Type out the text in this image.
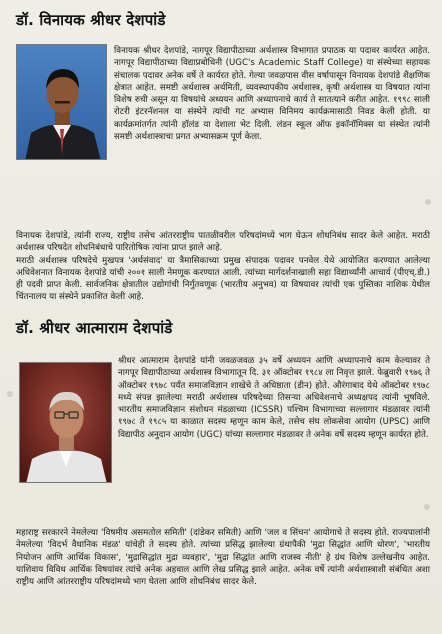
डॉ. विनायक श्रीधर देशपांडे

विनायक श्रीधर देशपांडे, नागपूर विद्यापीठाच्या अर्थशास्त्र विभागात प्रपाठक या पदावर कार्यरत आहेत. नागपूर विद्यापीठाच्या विद्याप्रबोधिनी (UGC's Academic Staff College) या संस्थेच्या सहायक संचालक पदावर अनेक वर्षे ते कार्यरत होते. गेल्या जवळपास वीस वर्षापासून विनायक देशपांडे शैक्षणिक क्षेत्रात आहेत. समष्टी अर्थशास्त्र अर्थमिती, व्यवस्थापकीय अर्थशास्त्र, कृषी अर्थशास्त्र या विषयात त्यांना विशेष रुची असून या विषयांचे अध्ययन आणि अध्यापनाचे कार्य ते सातत्याने करीत आहेत. १९९८ साली रोटरी इंटरनॅशनल या संस्थेने त्यांची गट अभ्यास विनिमय कार्यक्रमासाठी निवड केली होती. या कार्यक्रमांतर्गत त्यांनी हॉलंड या देशाला भेट दिली. लंडन स्कूल ऑफ इकॉनॉमिक्स या संस्थेत त्यांनी समष्टी अर्थशास्त्राचा प्रगत अभ्यासक्रम पूर्ण केला.

विनायक देशपांडे, त्यांनी राज्य, राष्ट्रीय तसेच आंतरराष्ट्रीय पातळीवरील परिषदांमध्ये भाग घेऊन शोधनिबंध सादर केले आहेत. मराठी अर्थशास्त्र परिषदेत शोधनिबंधाचे पारितोषिक त्यांना प्राप्त झाले आहे.

मराठी अर्थशास्त्र परिषदेचे मुखपत्र 'अर्थसंवाद' या त्रैमासिकाच्या प्रमुख संपादक पदावर पनवेल येथे आयोजित करण्यात आलेल्या अधिवेशनात विनायक देशपांडे यांची २००१ साली नेमणूक करण्यात आली. त्यांच्या मार्गदर्शनाखाली सहा विद्यार्थ्यांनी आचार्य (पीएच्.डी.) ही पदवी प्राप्त केली. सार्वजनिक क्षेत्रातील उद्योगांची निर्गुंतवणूक (भारतीय अनुभव) या विषयावर त्यांची एक पुस्तिका नाशिक येथील चिंतनालय या संस्थेने प्रकाशित केली आहे.

डॉ. श्रीधर आत्माराम देशपांडे

श्रीधर आत्माराम देशपांडे यांनी जवळजवळ ३५ वर्षे अध्ययन आणि अध्यापनाचे काम केल्यावर ते नागपूर विद्यापीठाच्या अर्थशास्त्र विभागातून दि. ३१ ऑक्टोबर १९८४ ला निवृत्त झाले. फेब्रुवारी १९७६ ते ऑक्टोबर १९७८ पर्यंत समाजविज्ञान शाखेचे ते अधिष्ठाता (डीन) होते. औरंगाबाद येथे ऑक्टोबर १९७८ मध्ये संपन्न झालेल्या मराठी अर्थशास्त्र परिषदेच्या तिसऱ्या अधिवेशनाचे अध्यक्षपद त्यांनी भूषविले. भारतीय समाजविज्ञान संशोधन मंडळाच्या (ICSSR) पश्चिम विभागाच्या सल्लागार मंडळावर त्यांनी १९७८ ते १९८५ या काळात सदस्य म्हणून काम केले, तसेच संघ लोकसेवा आयोग (UPSC) आणि विद्यापीठ अनुदान आयोग (UGC) यांच्या सल्लागार मंडळावर ते अनेक वर्षे सदस्य म्हणून कार्यरत होते.

महाराष्ट्र सरकारने नेमलेल्या 'विषमीय असमतोल समिती' (दांडेकर समिती) आणि 'जल व सिंचन' आयोगाचे ते सदस्य होते. राज्यपालांनी नेमलेल्या 'विदर्भ वैधानिक मंडळ' यांचेही ते सदस्य होते. त्यांच्या प्रसिद्ध झालेल्या ग्रंथापैकी 'मुद्रा सिद्धांत आणि धोरण', 'भारतीय नियोजन आणि आर्थिक विकास', 'मुद्रासिद्धांत मुद्रा व्यवहार', 'मुद्रा सिद्धांत आणि राजस्व नीती' हे ग्रंथ विशेष उल्लेखनीय आहेत. याशिवाय विविध आर्थिक विषयांवर त्यांचे अनेक अहवाल आणि लेख प्रसिद्ध झाले आहेत. अनेक वर्षे त्यांनी अर्थशास्त्राशी संबंधित अशा राष्ट्रीय आणि आंतरराष्ट्रीय परिषदांमध्ये भाग घेतला आणि शोधनिबंध सादर केले.
